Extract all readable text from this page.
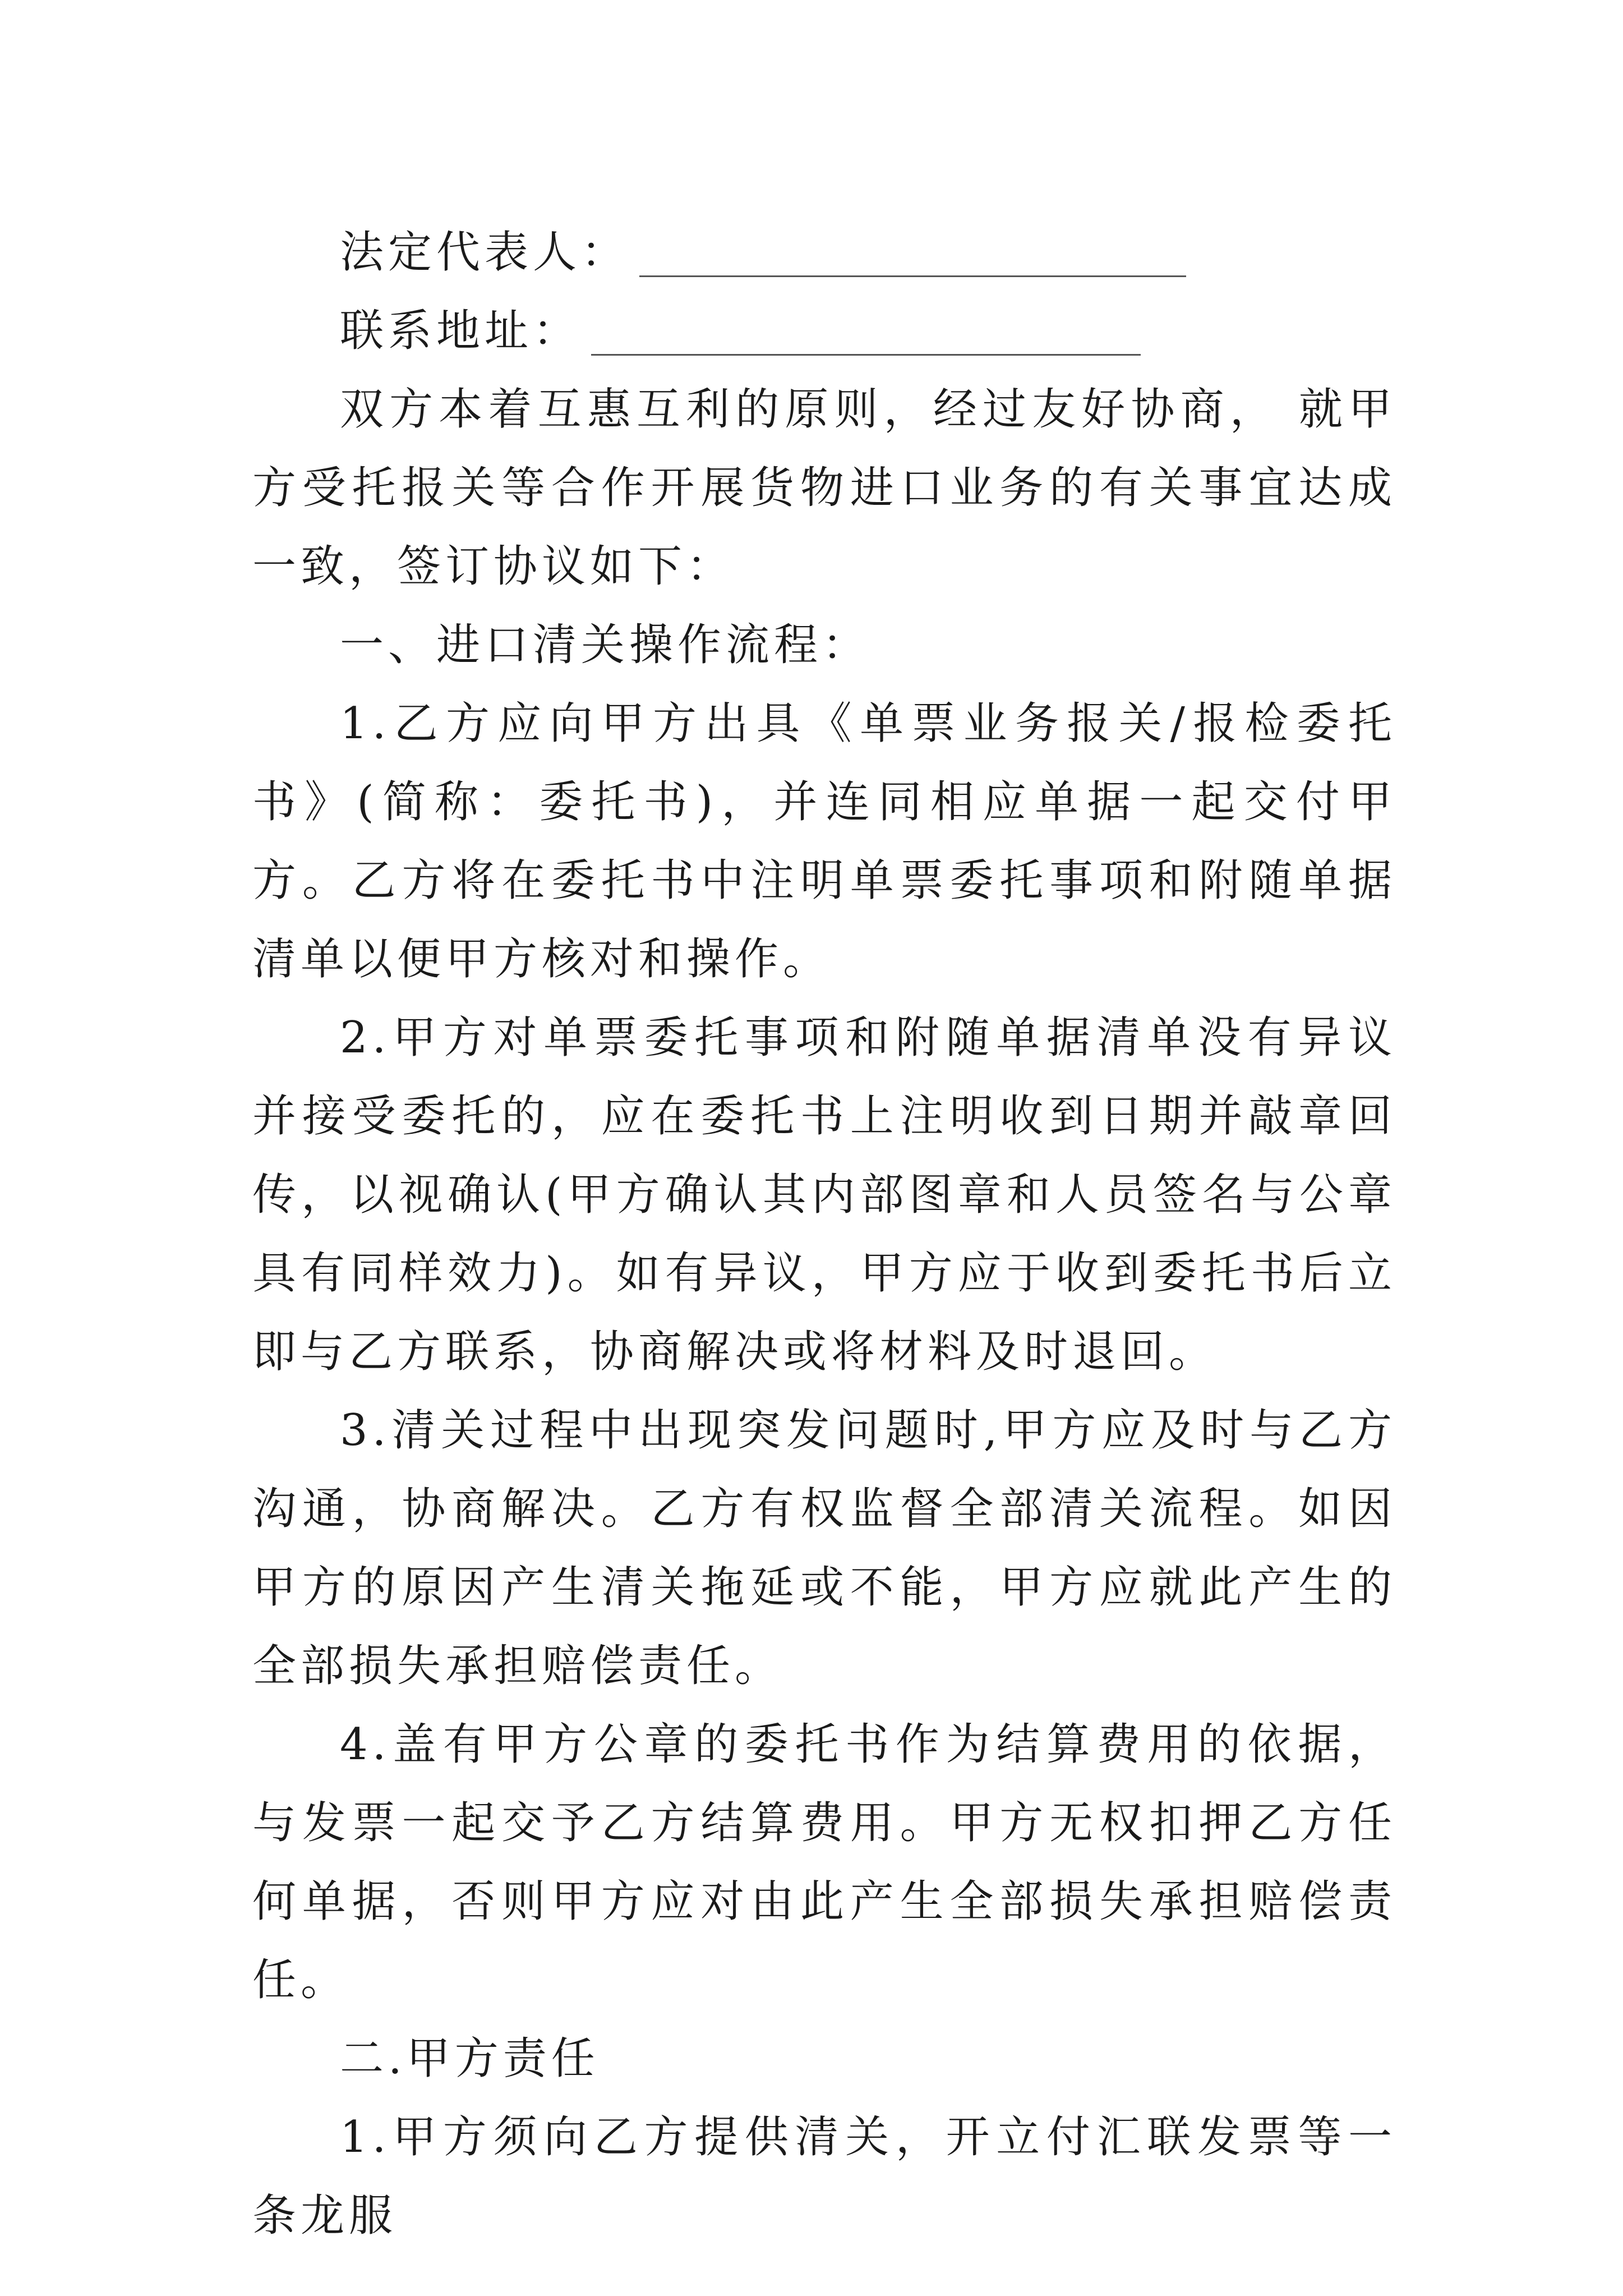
法定代表人：
联系地址：

双方本着互惠互利的原则，经过友好协商， 就甲方受托报关等合作开展货物进口业务的有关事宜达成一致，签订协议如下：

一、进口清关操作流程：

1.乙方应向甲方出具《单票业务报关/报检委托书》(简称：委托书)，并连同相应单据一起交付甲方。乙方将在委托书中注明单票委托事项和附随单据清单以便甲方核对和操作。

2.甲方对单票委托事项和附随单据清单没有异议并接受委托的，应在委托书上注明收到日期并敲章回传，以视确认(甲方确认其内部图章和人员签名与公章具有同样效力)。如有异议，甲方应于收到委托书后立即与乙方联系，协商解决或将材料及时退回。

3.清关过程中出现突发问题时,甲方应及时与乙方沟通，协商解决。乙方有权监督全部清关流程。如因甲方的原因产生清关拖延或不能，甲方应就此产生的全部损失承担赔偿责任。

4.盖有甲方公章的委托书作为结算费用的依据，与发票一起交予乙方结算费用。甲方无权扣押乙方任何单据，否则甲方应对由此产生全部损失承担赔偿责任。

二.甲方责任

1.甲方须向乙方提供清关，开立付汇联发票等一条龙服
